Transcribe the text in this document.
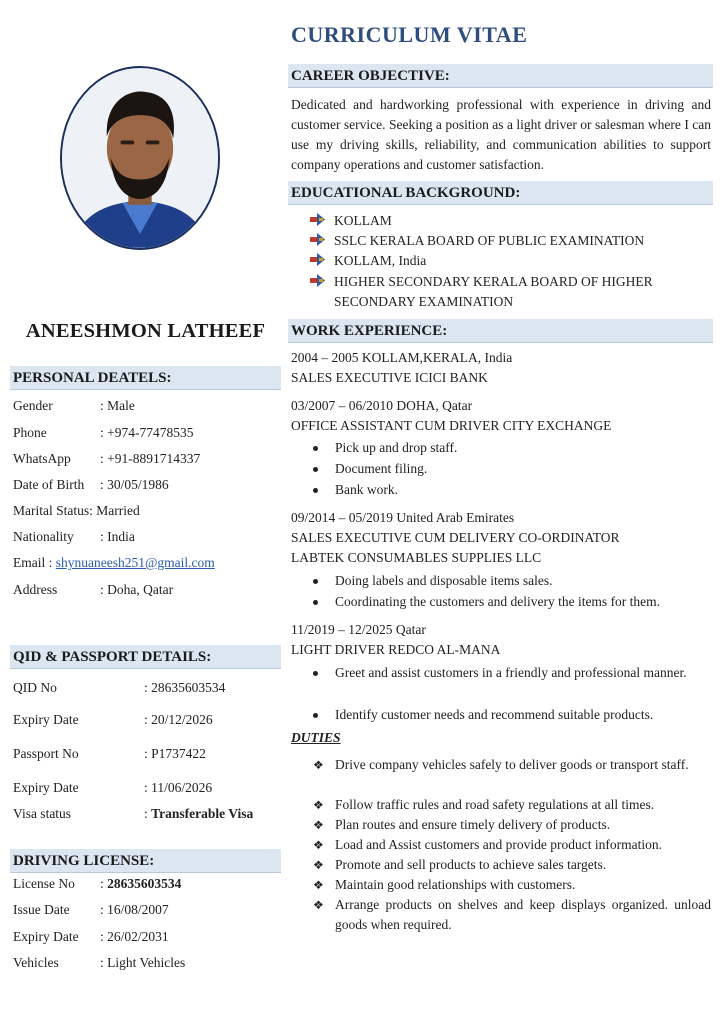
ANEESHMON LATHEEF
PERSONAL DEATELS:
Gender	: Male
Phone	: +974-77478535
WhatsApp : +91-8891714337
Date of Birth : 30/05/1986
Marital Status: Married
Nationality : India
Email : shynuaneesh251@gmail.com
Address	: Doha, Qatar
QID & PASSPORT DETAILS:
QID No	: 28635603534
Expiry Date	: 20/12/2026
Passport No	: P1737422
Expiry Date	: 11/06/2026
Visa status	: Transferable Visa
DRIVING LICENSE:
License No : 28635603534
Issue Date : 16/08/2007
Expiry Date : 26/02/2031
Vehicles	: Light Vehicles
CURRICULUM VITAE
CAREER OBJECTIVE:
Dedicated and hardworking professional with experience in driving and customer service. Seeking a position as a light driver or salesman where I can use my driving skills, reliability, and communication abilities to support company operations and customer satisfaction.
EDUCATIONAL BACKGROUND:
KOLLAM
SSLC KERALA BOARD OF PUBLIC EXAMINATION
KOLLAM, India
HIGHER SECONDARY KERALA BOARD OF HIGHER SECONDARY EXAMINATION
WORK EXPERIENCE:
2004 – 2005 KOLLAM,KERALA, India
SALES EXECUTIVE ICICI BANK
03/2007 – 06/2010 DOHA, Qatar
OFFICE ASSISTANT CUM DRIVER CITY EXCHANGE
Pick up and drop staff.
Document filing.
Bank work.
09/2014 – 05/2019 United Arab Emirates
SALES EXECUTIVE CUM DELIVERY CO-ORDINATOR
LABTEK CONSUMABLES SUPPLIES LLC
Doing labels and disposable items sales.
Coordinating the customers and delivery the items for them.
11/2019 – 12/2025 Qatar
LIGHT DRIVER REDCO AL-MANA
Greet and assist customers in a friendly and professional manner.
Identify customer needs and recommend suitable products.
DUTIES
❖ Drive company vehicles safely to deliver goods or transport staff.
❖ Follow traffic rules and road safety regulations at all times.
❖ Plan routes and ensure timely delivery of products.
❖ Load and Assist customers and provide product information.
❖ Promote and sell products to achieve sales targets.
❖ Maintain good relationships with customers.
❖ Arrange products on shelves and keep displays organized. unload goods when required.
